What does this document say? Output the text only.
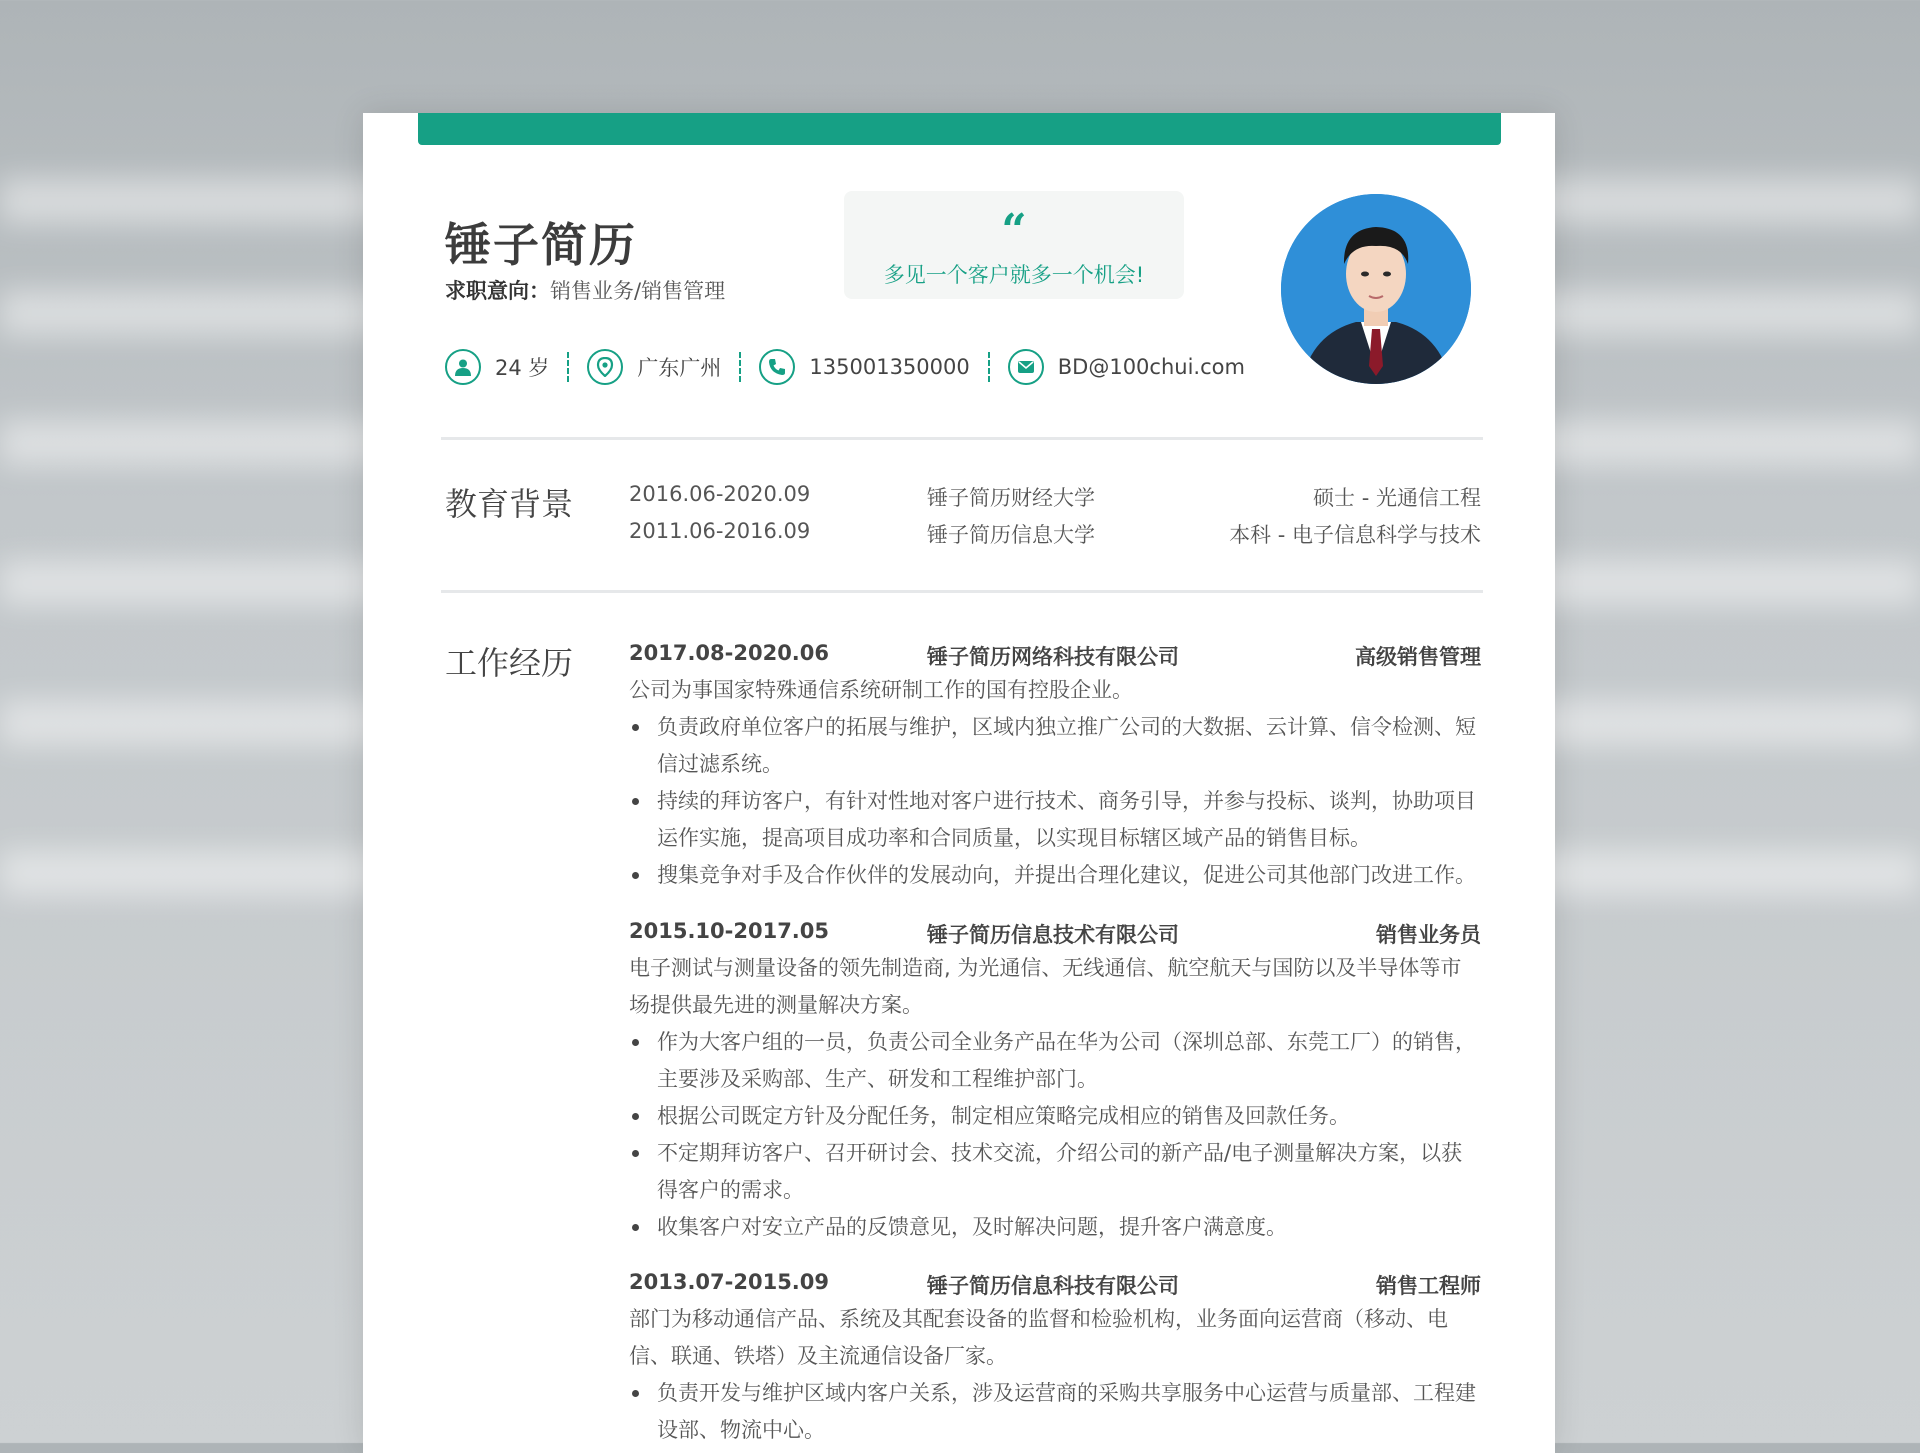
锤子简历
求职意向：销售业务/销售管理
“
多见一个客户就多一个机会!
24 岁	广东广州	135001350000	BD@100chui.com
教育背景	2016.06-2020.09	锤子简历财经大学	硕士 - 光通信工程
2011.06-2016.09	锤子简历信息大学	本科 - 电子信息科学与技术
工作经历	2017.08-2020.06	锤子简历网络科技有限公司	高级销售管理
公司为事国家特殊通信系统研制工作的国有控股企业。
负责政府单位客户的拓展与维护，区域内独立推广公司的大数据、云计算、信令检测、短信过滤系统。
持续的拜访客户，有针对性地对客户进行技术、商务引导，并参与投标、谈判，协助项目运作实施，提高项目成功率和合同质量，以实现目标辖区域产品的销售目标。
搜集竞争对手及合作伙伴的发展动向，并提出合理化建议，促进公司其他部门改进工作。
2015.10-2017.05	锤子简历信息技术有限公司	销售业务员
电子测试与测量设备的领先制造商, 为光通信、无线通信、航空航天与国防以及半导体等市场提供最先进的测量解决方案。
作为大客户组的一员，负责公司全业务产品在华为公司（深圳总部、东莞工厂）的销售，主要涉及采购部、生产、研发和工程维护部门。
根据公司既定方针及分配任务，制定相应策略完成相应的销售及回款任务。
不定期拜访客户、召开研讨会、技术交流，介绍公司的新产品/电子测量解决方案，以获得客户的需求。
收集客户对安立产品的反馈意见，及时解决问题，提升客户满意度。
2013.07-2015.09	锤子简历信息科技有限公司	销售工程师
部门为移动通信产品、系统及其配套设备的监督和检验机构，业务面向运营商（移动、电信、联通、铁塔）及主流通信设备厂家。
负责开发与维护区域内客户关系，涉及运营商的采购共享服务中心运营与质量部、工程建设部、物流中心。
